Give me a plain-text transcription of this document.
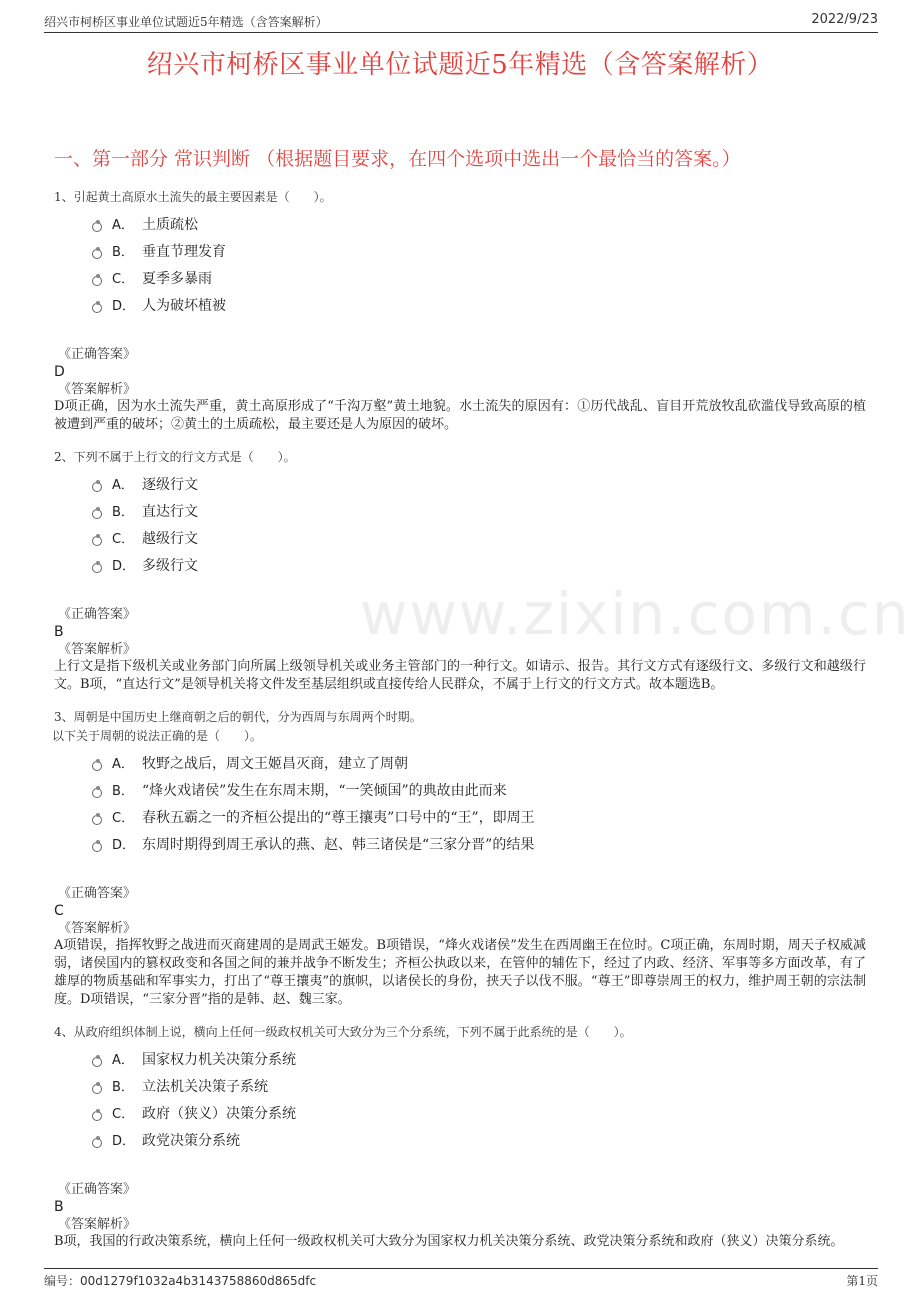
绍兴市柯桥区事业单位试题近5年精选（含答案解析）	2022/9/23
绍兴市柯桥区事业单位试题近5年精选（含答案解析）
一、第一部分 常识判断 （根据题目要求，在四个选项中选出一个最恰当的答案。）
www.zixin.com.cn

1、引起黄土高原水土流失的最主要因素是（　　）。

A． 土质疏松
B． 垂直节理发育
C． 夏季多暴雨
D． 人为破坏植被

《正确答案》

D

《答案解析》

D项正确，因为水土流失严重，黄土高原形成了“千沟万壑”黄土地貌。水土流失的原因有：①历代战乱、盲目开荒放牧乱砍滥伐导致高原的植被遭到严重的破坏；②黄土的土质疏松，最主要还是人为原因的破坏。

2、下列不属于上行文的行文方式是（　　）。

A． 逐级行文
B． 直达行文
C． 越级行文
D． 多级行文

《正确答案》

B

《答案解析》

上行文是指下级机关或业务部门向所属上级领导机关或业务主管部门的一种行文。如请示、报告。其行文方式有逐级行文、多级行文和越级行文。B项，“直达行文”是领导机关将文件发至基层组织或直接传给人民群众，不属于上行文的行文方式。故本题选B。

3、周朝是中国历史上继商朝之后的朝代，分为西周与东周两个时期。

以下关于周朝的说法正确的是（　　）。

A． 牧野之战后，周文王姬昌灭商，建立了周朝
B． “烽火戏诸侯”发生在东周末期，“一笑倾国”的典故由此而来
C． 春秋五霸之一的齐桓公提出的“尊王攘夷”口号中的“王”，即周王
D． 东周时期得到周王承认的燕、赵、韩三诸侯是“三家分晋”的结果

《正确答案》

C

《答案解析》

A项错误，指挥牧野之战进而灭商建周的是周武王姬发。B项错误，“烽火戏诸侯”发生在西周幽王在位时。C项正确，东周时期，周天子权威减弱，诸侯国内的篡权政变和各国之间的兼并战争不断发生；齐桓公执政以来，在管仲的辅佐下，经过了内政、经济、军事等多方面改革，有了雄厚的物质基础和军事实力，打出了“尊王攘夷”的旗帜，以诸侯长的身份，挟天子以伐不服。“尊王”即尊崇周王的权力，维护周王朝的宗法制度。D项错误，“三家分晋”指的是韩、赵、魏三家。

4、从政府组织体制上说，横向上任何一级政权机关可大致分为三个分系统，下列不属于此系统的是（　　）。

A． 国家权力机关决策分系统
B． 立法机关决策子系统
C． 政府（狭义）决策分系统
D． 政党决策分系统

《正确答案》

B

《答案解析》

B项，我国的行政决策系统，横向上任何一级政权机关可大致分为国家权力机关决策分系统、政党决策分系统和政府（狭义）决策分系统。

编号：00d1279f1032a4b3143758860d865dfc	第1页
